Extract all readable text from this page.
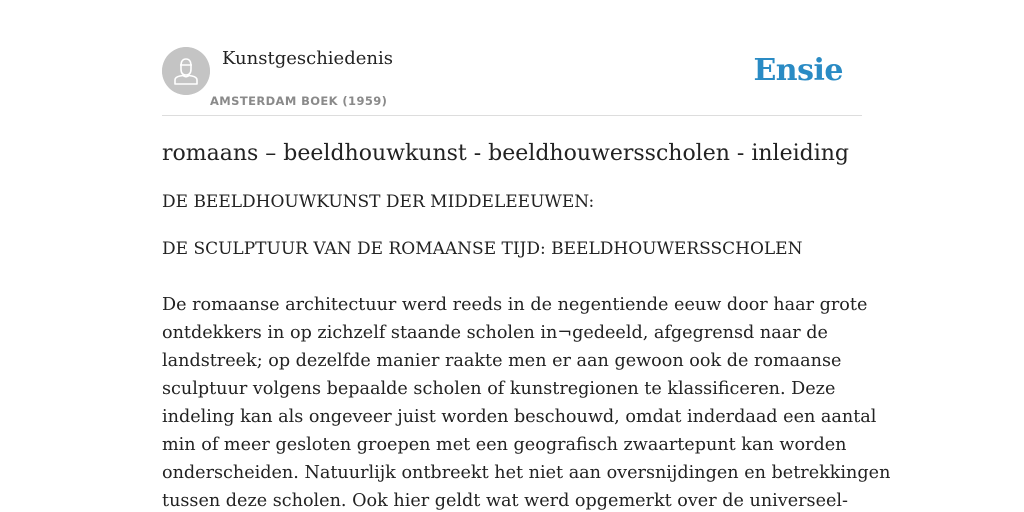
Kunstgeschiedenis
AMSTERDAM BOEK (1959)
Ensie
romaans – beeldhouwkunst - beeldhouwersscholen - inleiding

DE BEELDHOUWKUNST DER MIDDELEEUWEN:

DE SCULPTUUR VAN DE ROMAANSE TIJD: BEELDHOUWERSSCHOLEN

De romaanse architectuur werd reeds in de negentiende eeuw door haar grote
ontdekkers in op zichzelf staande scholen in¬gedeeld, afgegrensd naar de
landstreek; op dezelfde manier raakte men er aan gewoon ook de romaanse
sculptuur volgens bepaalde scholen of kunstregionen te klassificeren. Deze
indeling kan als ongeveer juist worden beschouwd, omdat inderdaad een aantal
min of meer gesloten groepen met een geografisch zwaartepunt kan worden
onderscheiden. Natuurlijk ontbreekt het niet aan oversnijdingen en betrekkingen
tussen deze scholen. Ook hier geldt wat werd opgemerkt over de universeel-
